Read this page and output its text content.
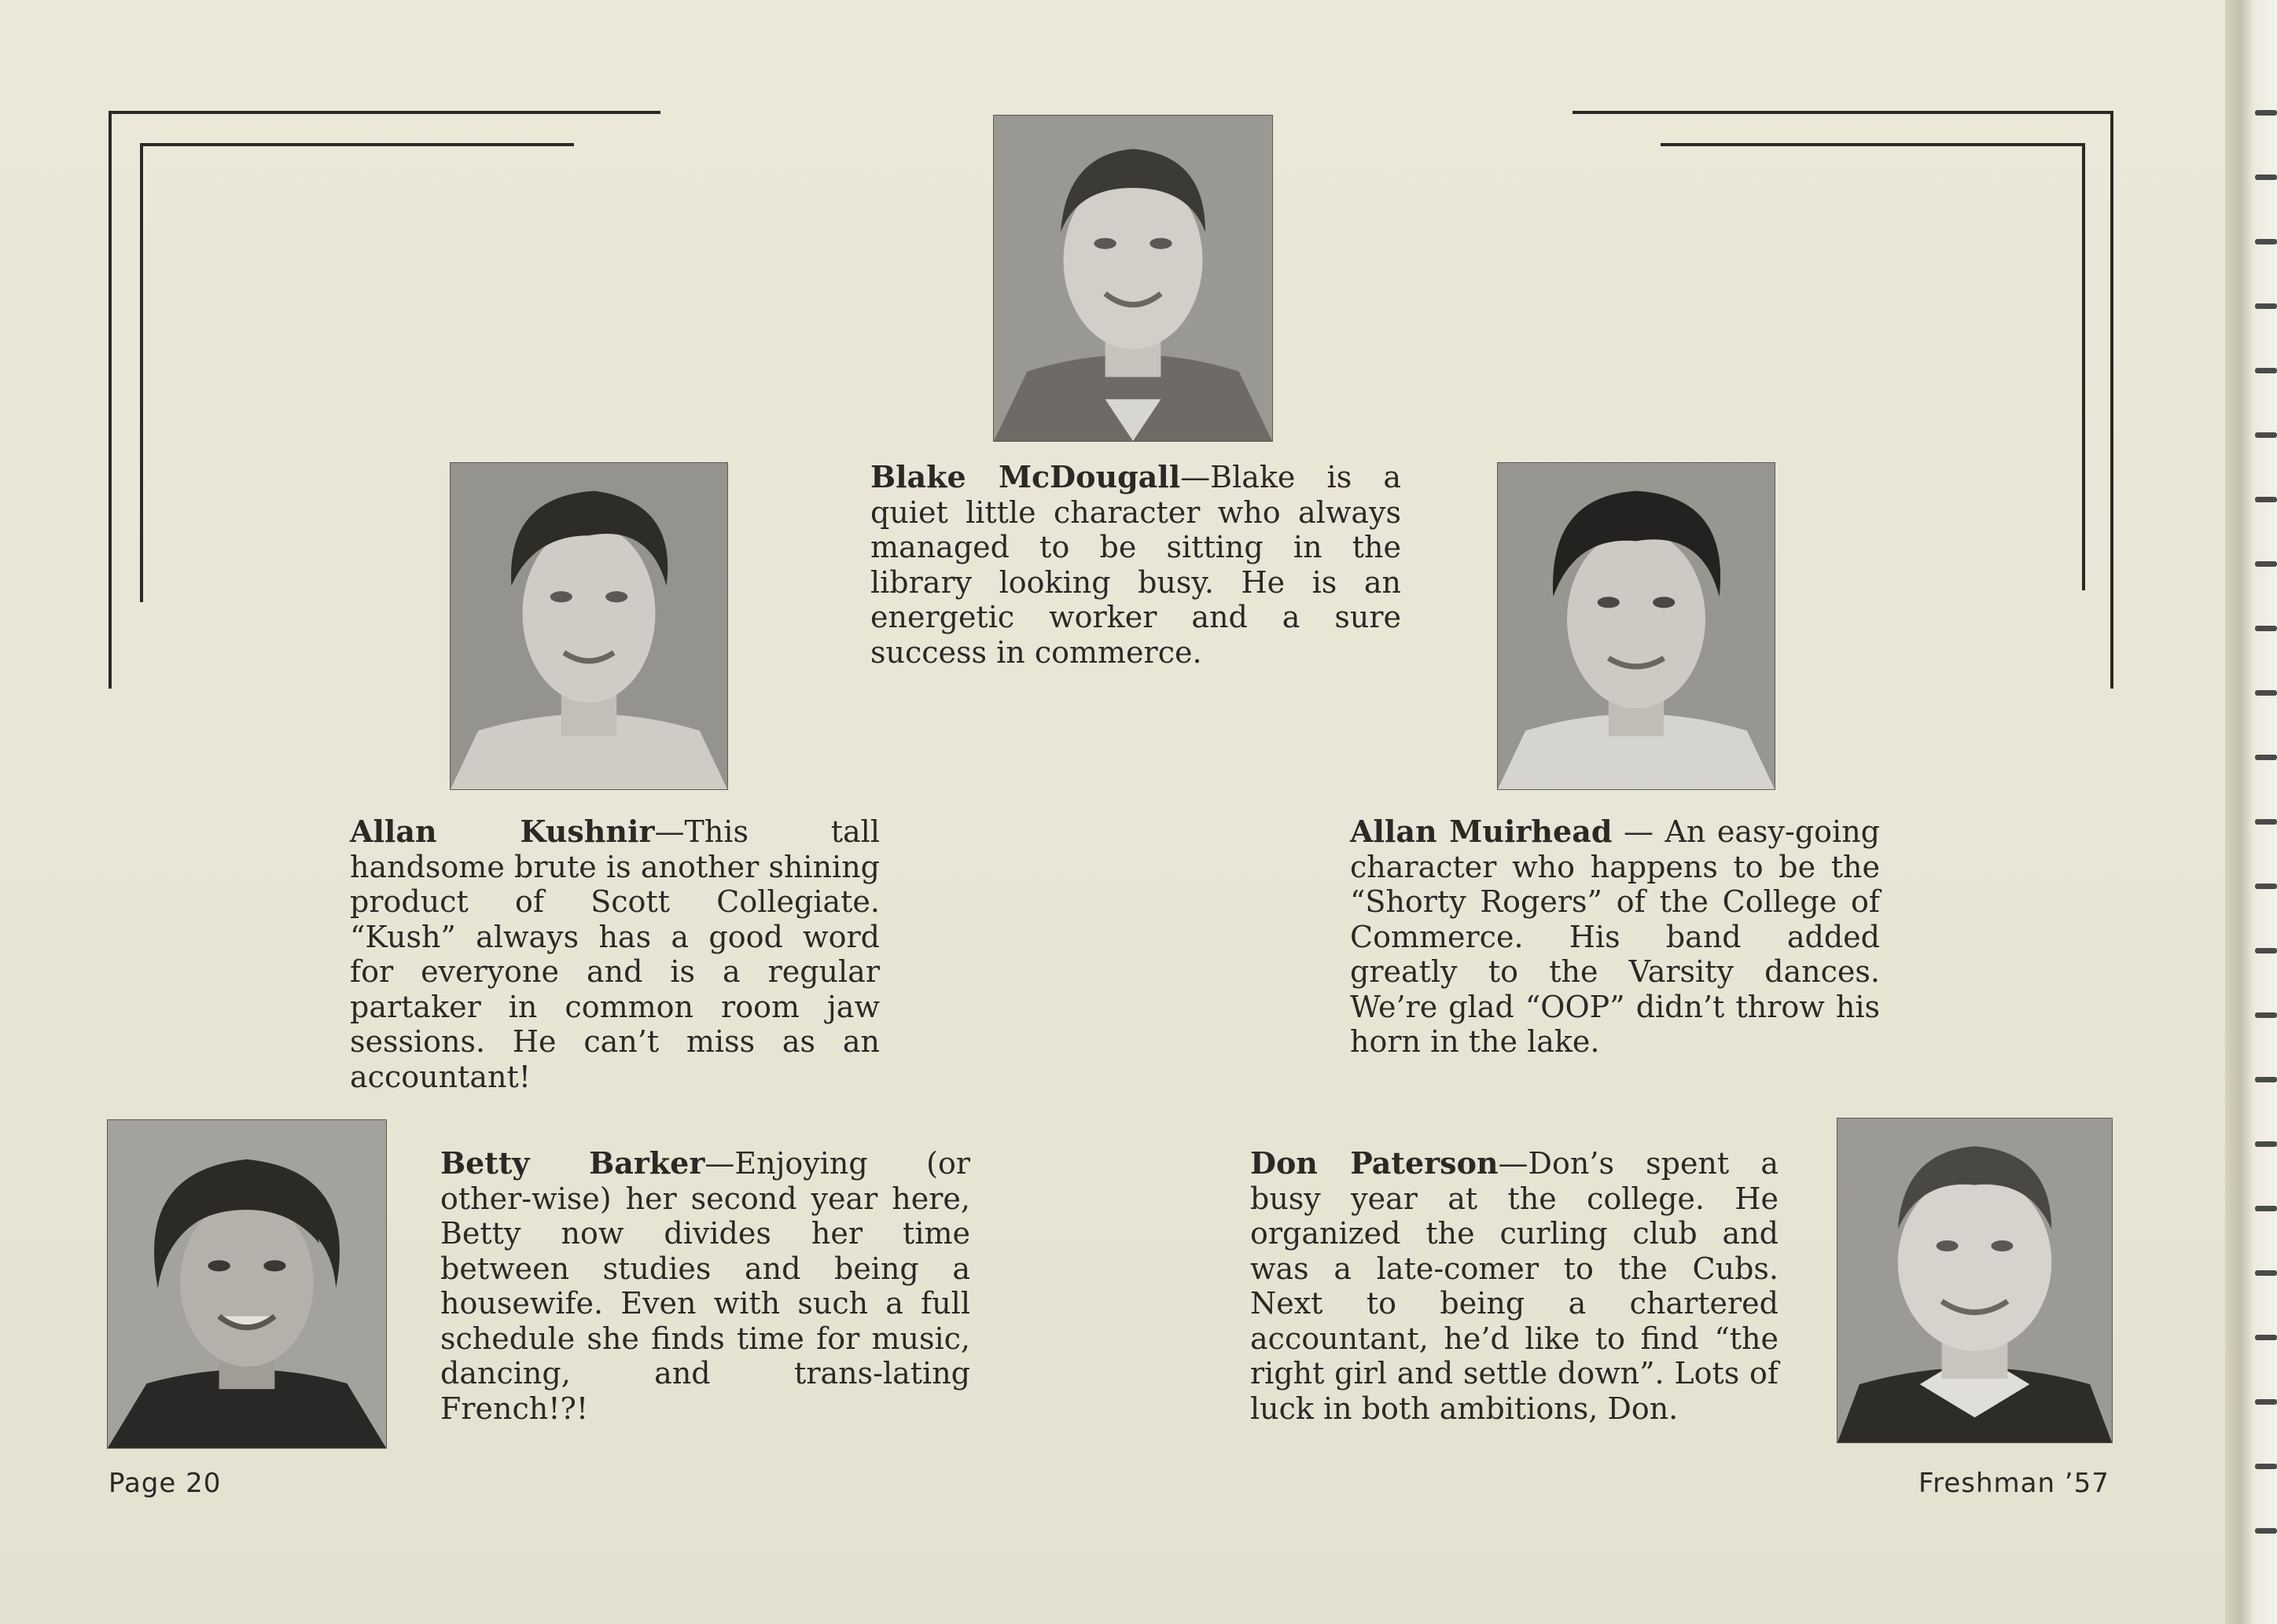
Blake McDougall—Blake is a quiet little character who always managed to be sitting in the library looking busy. He is an energetic worker and a sure success in commerce.

Allan Kushnir—This tall handsome brute is another shining product of Scott Collegiate. “Kush” always has a good word for everyone and is a regular partaker in common room jaw sessions. He can’t miss as an accountant!

Allan Muirhead — An easy-going character who happens to be the “Shorty Rogers” of the College of Commerce. His band added greatly to the Varsity dances. We’re glad “OOP” didn’t throw his horn in the lake.

Betty Barker—Enjoying (or other-wise) her second year here, Betty now divides her time between studies and being a housewife. Even with such a full schedule she finds time for music, dancing, and trans-lating French!?!

Don Paterson—Don’s spent a busy year at the college. He organized the curling club and was a late-comer to the Cubs. Next to being a chartered accountant, he’d like to find “the right girl and settle down”. Lots of luck in both ambitions, Don.

Page 20	Freshman ’57
